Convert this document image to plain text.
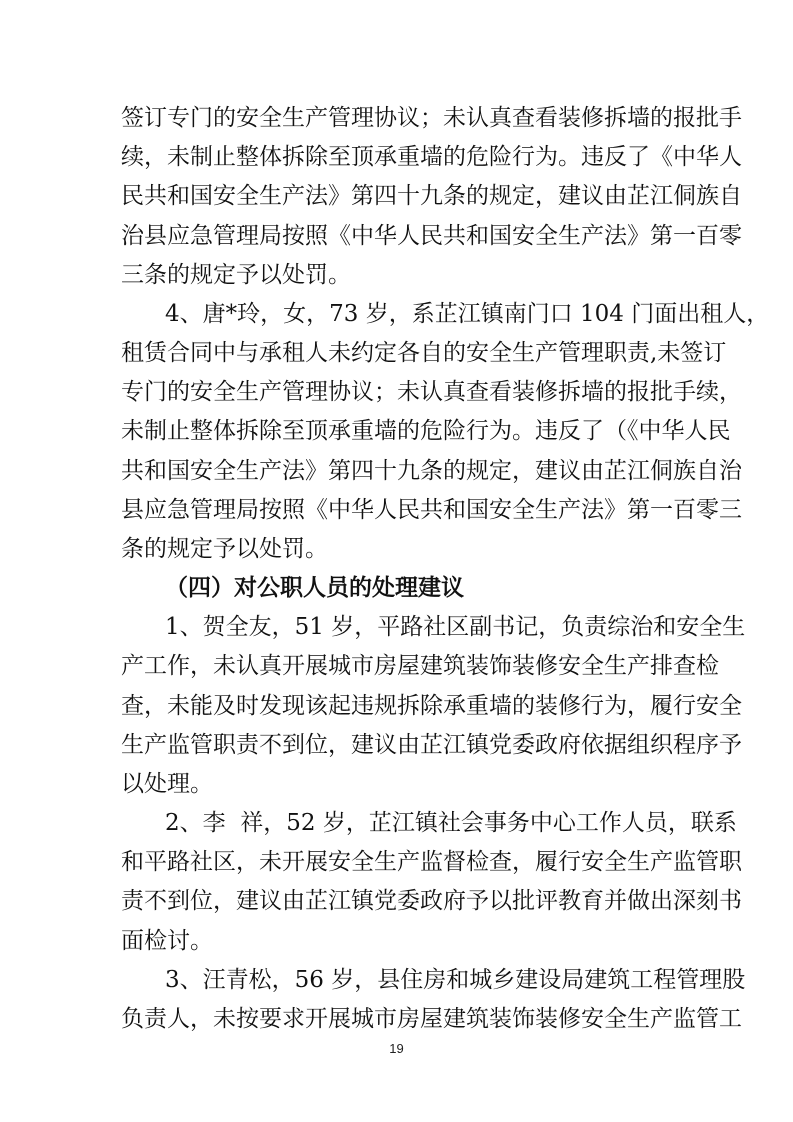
签订专门的安全生产管理协议；未认真查看装修拆墙的报批手
续，未制止整体拆除至顶承重墙的危险行为。违反了《中华人
民共和国安全生产法》第四十九条的规定，建议由芷江侗族自
治县应急管理局按照《中华人民共和国安全生产法》第一百零
三条的规定予以处罚。
4、唐*玲，女，73 岁，系芷江镇南门口 104 门面出租人，
租赁合同中与承租人未约定各自的安全生产管理职责,未签订
专门的安全生产管理协议；未认真查看装修拆墙的报批手续，
未制止整体拆除至顶承重墙的危险行为。违反了（《中华人民
共和国安全生产法》第四十九条的规定，建议由芷江侗族自治
县应急管理局按照《中华人民共和国安全生产法》第一百零三
条的规定予以处罚。
（四）对公职人员的处理建议
1、贺全友，51 岁，平路社区副书记，负责综治和安全生
产工作，未认真开展城市房屋建筑装饰装修安全生产排查检
查，未能及时发现该起违规拆除承重墙的装修行为，履行安全
生产监管职责不到位，建议由芷江镇党委政府依据组织程序予
以处理。
2、李  祥，52 岁，芷江镇社会事务中心工作人员，联系
和平路社区，未开展安全生产监督检查，履行安全生产监管职
责不到位，建议由芷江镇党委政府予以批评教育并做出深刻书
面检讨。
3、汪青松，56 岁，县住房和城乡建设局建筑工程管理股
负责人，未按要求开展城市房屋建筑装饰装修安全生产监管工
19
